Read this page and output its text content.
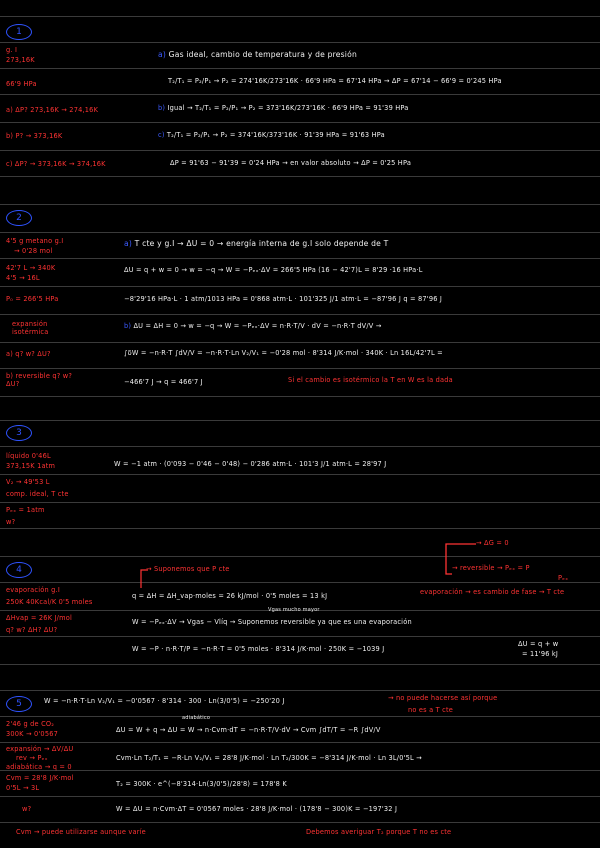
1
g. I
273,16K
66'9 HPa
a) ΔP? 273,16K → 274,16K
b) P? → 373,16K
c) ΔP? → 373,16K → 374,16K
a) Gas ideal, cambio de temperatura y de presión
T₂/T₁ = P₂/P₁ → P₂ = 274'16K/273'16K · 66'9 HPa = 67'14 HPa → ΔP = 67'14 − 66'9 = 0'245 HPa
b) Igual → T₂/T₁ = P₂/P₁ → P₂ = 373'16K/273'16K · 66'9 HPa = 91'39 HPa
c) T₂/T₁ = P₂/P₁ → P₂ = 374'16K/373'16K · 91'39 HPa = 91'63 HPa
ΔP = 91'63 − 91'39 = 0'24 HPa → en valor absoluto → ΔP = 0'25 HPa
2
4'5 g metano g.I
→ 0'28 mol
42'7 L → 340K
4'5 → 16L
P₀ = 266'5 HPa
expansión isotérmica
a) q? w? ΔU?
b) reversible q? w? ΔU?
a) T cte y g.I → ΔU = 0 → energía interna de g.I solo depende de T
ΔU = q + w = 0 → w = −q → W = −Pₑₓ·ΔV = 266'5 HPa (16 − 42'7)L = 8'29 ·16 HPa·L
−8'29'16 HPa·L · 1 atm/1013 HPa = 0'868 atm·L · 101'325 J/1 atm·L = −87'96 J q = 87'96 J
b) ΔU = ΔH = 0 → w = −q → W = −Pₑₓ·ΔV = n·R·T/V · dV = −n·R·T dV/V →
∫δW = −n·R·T ∫dV/V = −n·R·T·Ln V₂/V₁ = −0'28 mol · 8'314 J/K·mol · 340K · Ln 16L/42'7L =
−466'7 J → q = 466'7 J	Si el cambio es isotérmico la T en W es la dada
3
líquido 0'46L
373,15K 1atm
V₂ → 49'53 L
comp. ideal, T cte
Pₑₓ = 1atm
w?
W = −1 atm · (0'093 − 0'46 − 0'48) − 0'286 atm·L · 101'3 J/1 atm·L = 28'97 J
4
→ ΔG = 0
→ reversible → Pₑₓ = P
Pₑₓ
→ Suponemos que P cte
evaporación g.I
250K 40Kcal/K 0'5 moles
ΔHvap = 26K J/mol
q? w? ΔH? ΔU?
q = ΔH = ΔH_vap·moles = 26 kJ/mol · 0'5 moles = 13 kJ	evaporación → es cambio de fase → T cte
Vgas mucho mayor
W = −Pₑₓ·ΔV → Vgas − Vlíq → Suponemos reversible ya que es una evaporación
W = −P · n·R·T/P = −n·R·T = 0'5 moles · 8'314 J/K·mol · 250K = −1039 J
ΔU = q + w
= 11'96 kJ
5	W = −n·R·T·Ln V₂/V₁ = −0'0567 · 8'314 · 300 · Ln(3/0'5) = −250'20 J	→ no puede hacerse así porque
no es a T cte
2'46 g de CO₂
300K → 0'0567
expansión → ΔV/ΔU
rev → Pₑₓ
adiabática → q = 0
Cvm = 28'8 J/K·mol
0'5L → 3L
w?
adiabático
ΔU = W + q → ΔU = W → n·Cvm·dT = −n·R·T/V·dV → Cvm ∫dT/T = −R ∫dV/V
Cvm·Ln T₂/T₁ = −R·Ln V₂/V₁ = 28'8 J/K·mol · Ln T₂/300K = −8'314 J/K·mol · Ln 3L/0'5L →
T₂ = 300K · e^(−8'314·Ln(3/0'5)/28'8) = 178'8 K
W = ΔU = n·Cvm·ΔT = 0'0567 moles · 28'8 J/K·mol · (178'8 − 300)K = −197'32 J
Cvm → puede utilizarse aunque varíe	Debemos averiguar T₂ porque T no es cte
